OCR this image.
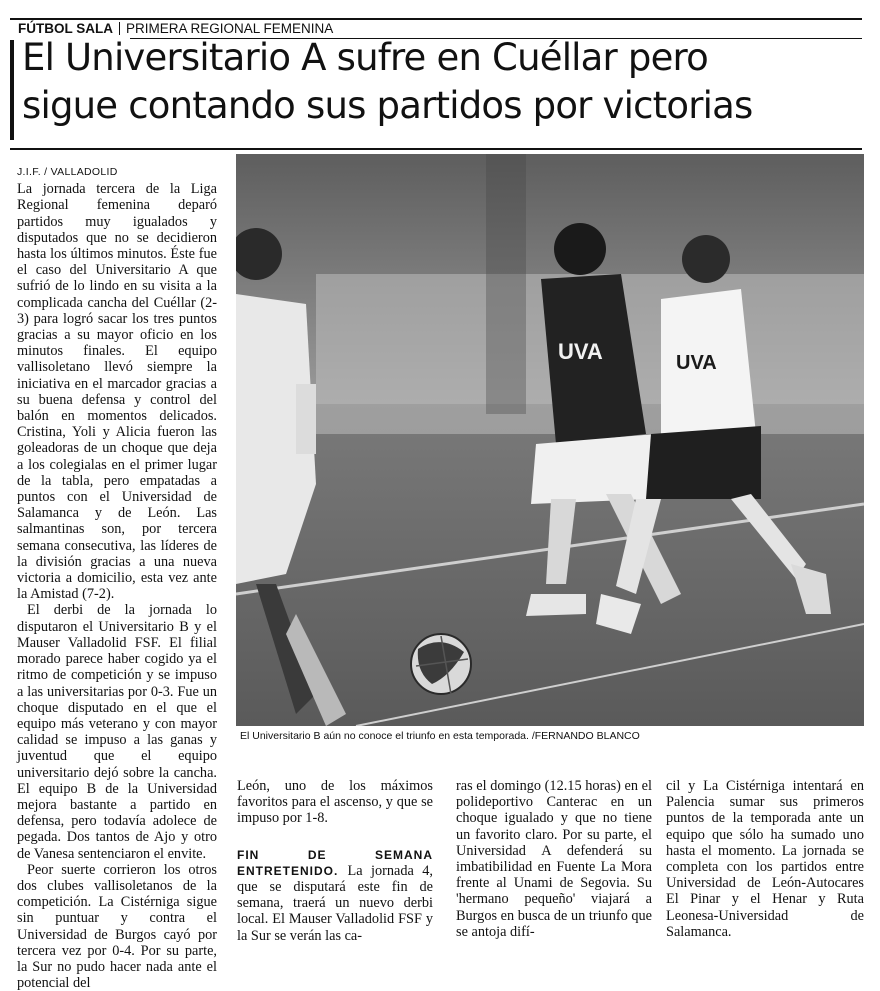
FÚTBOL SALA PRIMERA REGIONAL FEMENINA
El Universitario A sufre en Cuéllar pero
sigue contando sus partidos por victorias

J.I.F. / VALLADOLID

La jornada tercera de la Liga Regional femenina deparó partidos muy igualados y disputados que no se decidieron hasta los últimos minutos. Éste fue el caso del Universitario A que sufrió de lo lindo en su visita a la complicada cancha del Cuéllar (2-3) para logró sacar los tres puntos gracias a su mayor oficio en los minutos finales. El equipo vallisoletano llevó siempre la iniciativa en el marcador gracias a su buena defensa y control del balón en momentos delicados. Cristina, Yoli y Alicia fueron las goleadoras de un choque que deja a los colegialas en el primer lugar de la tabla, pero empatadas a puntos con el Universidad de Salamanca y de León. Las salmantinas son, por tercera semana consecutiva, las líderes de la división gracias a una nueva victoria a domicilio, esta vez ante la Amistad (7-2).

El derbi de la jornada lo disputaron el Universitario B y el Mauser Valladolid FSF. El filial morado parece haber cogido ya el ritmo de competición y se impuso a las universitarias por 0-3. Fue un choque disputado en el que el equipo más veterano y con mayor calidad se impuso a las ganas y juventud que el equipo universitario dejó sobre la cancha. El equipo B de la Universidad mejora bastante a partido en defensa, pero todavía adolece de pegada. Dos tantos de Ajo y otro de Vanesa sentenciaron el envite.

Peor suerte corrieron los otros dos clubes vallisoletanos de la competición. La Cistérniga sigue sin puntuar y contra el Universidad de Burgos cayó por tercera vez por 0-4. Por su parte, la Sur no pudo hacer nada ante el potencial del

UVA	UVA
El Universitario B aún no conoce el triunfo en esta temporada. /FERNANDO BLANCO

León, uno de los máximos favoritos para el ascenso, y que se impuso por 1-8.

FIN DE SEMANA ENTRETENIDO. La jornada 4, que se disputará este fin de semana, traerá un nuevo derbi local. El Mauser Valladolid FSF y la Sur se verán las ca-

ras el domingo (12.15 horas) en el polideportivo Canterac en un choque igualado y que no tiene un favorito claro. Por su parte, el Universidad A defenderá su imbatibilidad en Fuente La Mora frente al Unami de Segovia. Su 'hermano pequeño' viajará a Burgos en busca de un triunfo que se antoja difí-

cil y La Cistérniga intentará en Palencia sumar sus primeros puntos de la temporada ante un equipo que sólo ha sumado uno hasta el momento. La jornada se completa con los partidos entre Universidad de León-Autocares El Pinar y el Henar y Ruta Leonesa-Universidad de Salamanca.
